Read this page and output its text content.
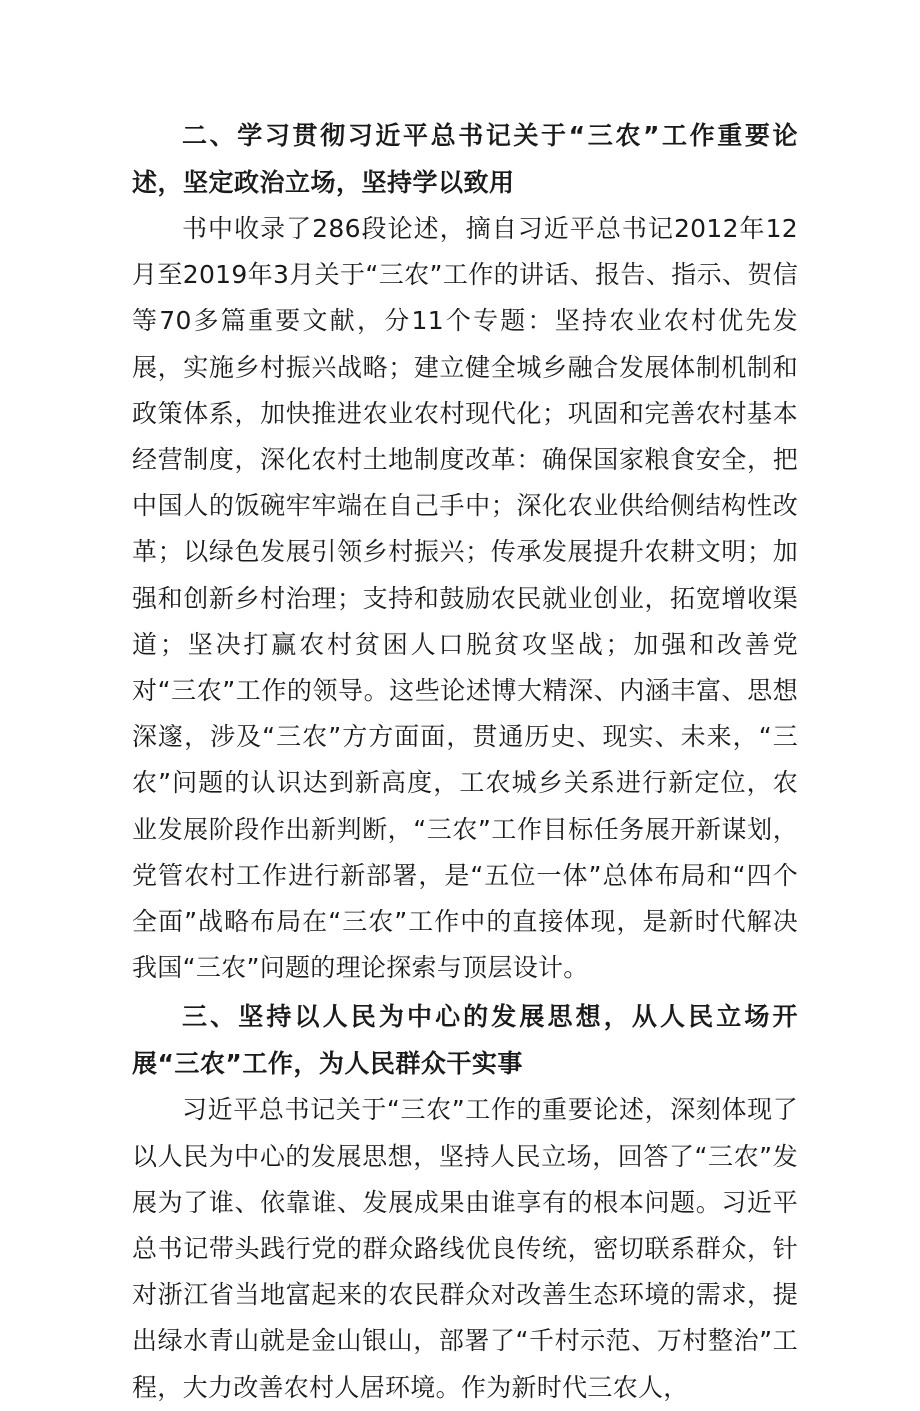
二、学习贯彻习近平总书记关于“三农”工作重要论述，坚定政治立场，坚持学以致用

书中收录了286段论述，摘自习近平总书记2012年12月至2019年3月关于“三农”工作的讲话、报告、指示、贺信等70多篇重要文献，分11个专题：坚持农业农村优先发展，实施乡村振兴战略；建立健全城乡融合发展体制机制和政策体系，加快推进农业农村现代化；巩固和完善农村基本经营制度，深化农村土地制度改革：确保国家粮食安全，把中国人的饭碗牢牢端在自己手中；深化农业供给侧结构性改革；以绿色发展引领乡村振兴；传承发展提升农耕文明；加强和创新乡村治理；支持和鼓励农民就业创业，拓宽增收渠道；坚决打赢农村贫困人口脱贫攻坚战；加强和改善党对“三农”工作的领导。这些论述博大精深、内涵丰富、思想深邃，涉及“三农”方方面面，贯通历史、现实、未来，“三农”问题的认识达到新高度，工农城乡关系进行新定位，农业发展阶段作出新判断，“三农”工作目标任务展开新谋划，党管农村工作进行新部署，是“五位一体”总体布局和“四个全面”战略布局在“三农”工作中的直接体现，是新时代解决我国“三农”问题的理论探索与顶层设计。

三、坚持以人民为中心的发展思想，从人民立场开展“三农”工作，为人民群众干实事

习近平总书记关于“三农”工作的重要论述，深刻体现了以人民为中心的发展思想，坚持人民立场，回答了“三农”发展为了谁、依靠谁、发展成果由谁享有的根本问题。习近平总书记带头践行党的群众路线优良传统，密切联系群众，针对浙江省当地富起来的农民群众对改善生态环境的需求，提出绿水青山就是金山银山，部署了“千村示范、万村整治”工程，大力改善农村人居环境。作为新时代三农人，
